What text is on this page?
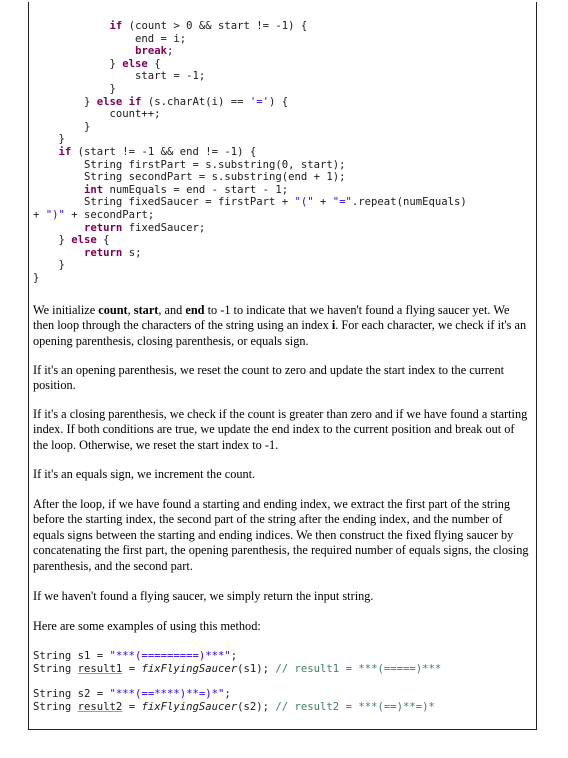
if (count > 0 && start != -1) {
end = i;
break;
} else {
start = -1;
}
} else if (s.charAt(i) == '=') {
count++;
}
}
if (start != -1 && end != -1) {
String firstPart = s.substring(0, start);
String secondPart = s.substring(end + 1);
int numEquals = end - start - 1;
String fixedSaucer = firstPart + "(" + "=".repeat(numEquals)
+ ")" + secondPart;
return fixedSaucer;
} else {
return s;
}
}

We initialize count, start, and end to -1 to indicate that we haven't found a flying saucer yet. We then loop through the characters of the string using an index i. For each character, we check if it's an opening parenthesis, closing parenthesis, or equals sign.

If it's an opening parenthesis, we reset the count to zero and update the start index to the current position.

If it's a closing parenthesis, we check if the count is greater than zero and if we have found a starting index. If both conditions are true, we update the end index to the current position and break out of the loop. Otherwise, we reset the start index to -1.

If it's an equals sign, we increment the count.

After the loop, if we have found a starting and ending index, we extract the first part of the string before the starting index, the second part of the string after the ending index, and the number of equals signs between the starting and ending indices. We then construct the fixed flying saucer by concatenating the first part, the opening parenthesis, the required number of equals signs, the closing parenthesis, and the second part.

If we haven't found a flying saucer, we simply return the input string.

Here are some examples of using this method:

String s1 = "***(=========)***";
String result1 = fixFlyingSaucer(s1); // result1 = ***(=====)***
String s2 = "***(==****)**=)*";
String result2 = fixFlyingSaucer(s2); // result2 = ***(==)**=)*
